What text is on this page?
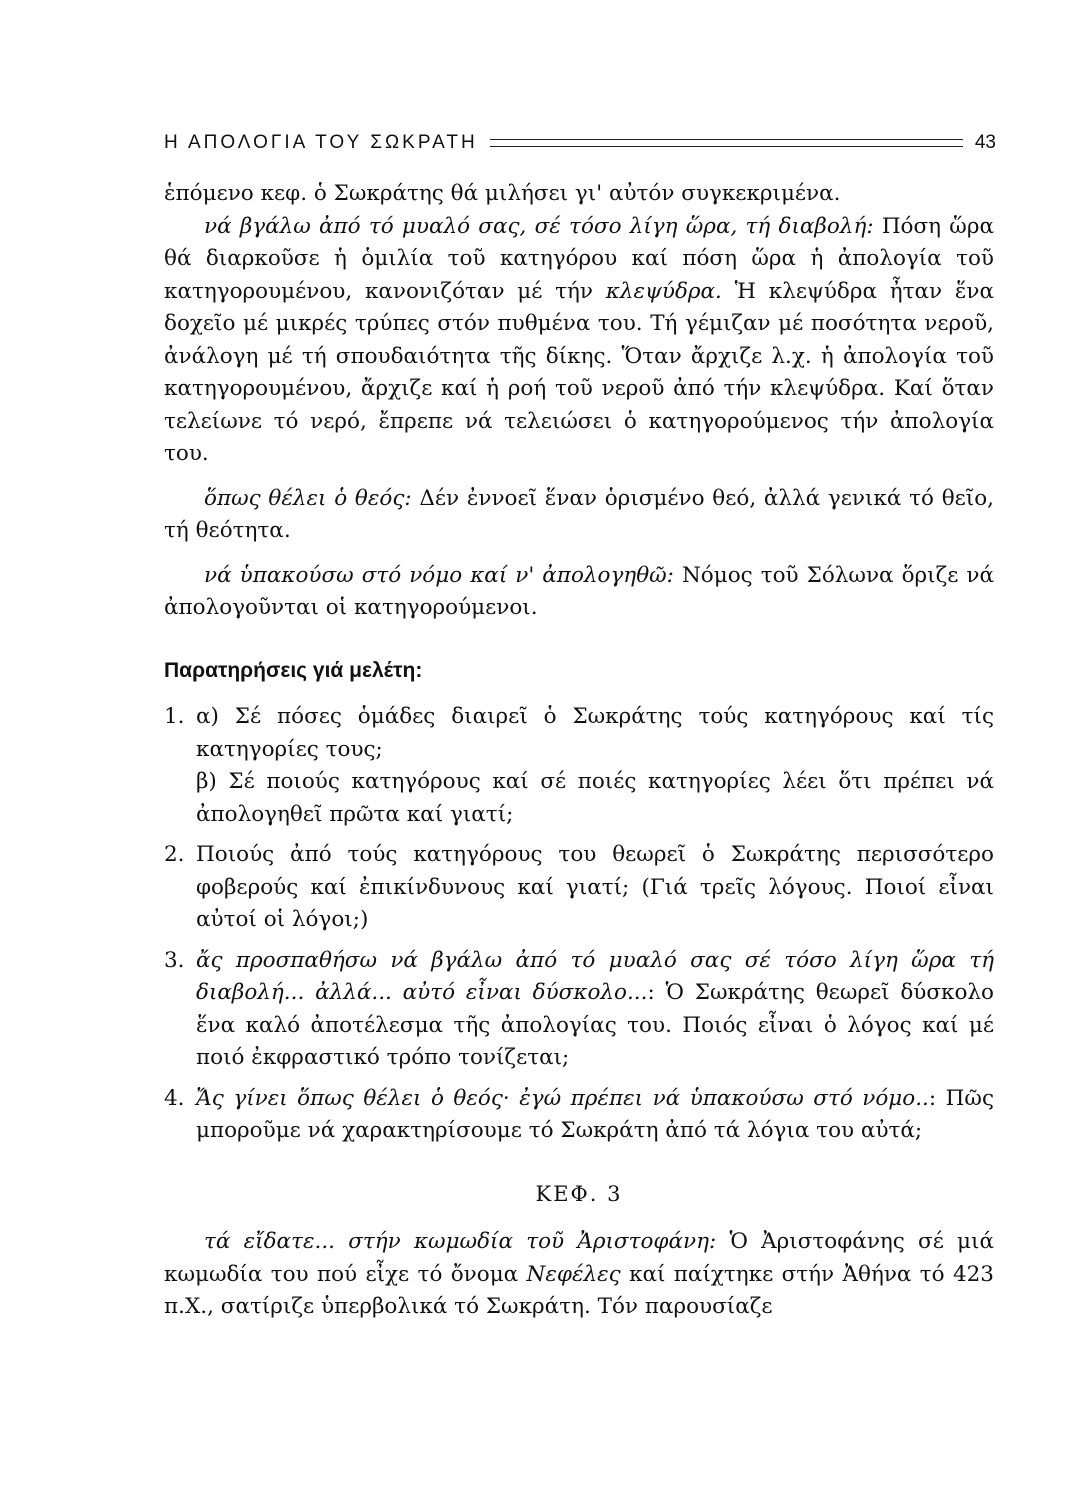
Η ΑΠΟΛΟΓΙΑ ΤΟΥ ΣΩΚΡΑΤΗ	43

ἑπόμενο κεφ. ὁ Σωκράτης θά μιλήσει γι' αὐτόν συγκεκριμένα.

νά βγάλω ἀπό τό μυαλό σας, σέ τόσο λίγη ὥρα, τή διαβολή: Πόση ὥρα θά διαρκοῦσε ἡ ὁμιλία τοῦ κατηγόρου καί πόση ὥρα ἡ ἀπολογία τοῦ κατηγορουμένου, κανονιζόταν μέ τήν κλεψύδρα. Ἡ κλεψύδρα ἦταν ἕνα δοχεῖο μέ μικρές τρύπες στόν πυθμένα του. Τή γέμιζαν μέ ποσότητα νεροῦ, ἀνάλογη μέ τή σπουδαιότητα τῆς δίκης. Ὅταν ἄρχιζε λ.χ. ἡ ἀπολογία τοῦ κατηγορουμένου, ἄρχιζε καί ἡ ροή τοῦ νεροῦ ἀπό τήν κλεψύδρα. Καί ὅταν τελείωνε τό νερό, ἔπρεπε νά τελειώσει ὁ κατηγορούμενος τήν ἀπολογία του.

ὅπως θέλει ὁ θεός: Δέν ἐννοεῖ ἕναν ὁρισμένο θεό, ἀλλά γενικά τό θεῖο, τή θεότητα.

νά ὑπακούσω στό νόμο καί ν' ἀπολογηθῶ: Νόμος τοῦ Σόλωνα ὅριζε νά ἀπολογοῦνται οἱ κατηγορούμενοι.

Παρατηρήσεις γιά μελέτη:
1. α) Σέ πόσες ὁμάδες διαιρεῖ ὁ Σωκράτης τούς κατηγόρους καί τίς κατηγορίες τους;
β) Σέ ποιούς κατηγόρους καί σέ ποιές κατηγορίες λέει ὅτι πρέπει νά ἀπολογηθεῖ πρῶτα καί γιατί;
2. Ποιούς ἀπό τούς κατηγόρους του θεωρεῖ ὁ Σωκράτης περισσότερο φοβερούς καί ἐπικίνδυνους καί γιατί; (Γιά τρεῖς λόγους. Ποιοί εἶναι αὐτοί οἱ λόγοι;)
3. ἄς προσπαθήσω νά βγάλω ἀπό τό μυαλό σας σέ τόσο λίγη ὥρα τή διαβολή... ἀλλά... αὐτό εἶναι δύσκολο...: Ὁ Σωκράτης θεωρεῖ δύσκολο ἕνα καλό ἀποτέλεσμα τῆς ἀπολογίας του. Ποιός εἶναι ὁ λόγος καί μέ ποιό ἐκφραστικό τρόπο τονίζεται;
4. Ἄς γίνει ὅπως θέλει ὁ θεός· ἐγώ πρέπει νά ὑπακούσω στό νόμο..: Πῶς μποροῦμε νά χαρακτηρίσουμε τό Σωκράτη ἀπό τά λόγια του αὐτά;
ΚΕΦ. 3

τά εἴδατε... στήν κωμωδία τοῦ Ἀριστοφάνη: Ὁ Ἀριστοφάνης σέ μιά κωμωδία του πού εἶχε τό ὄνομα Νεφέλες καί παίχτηκε στήν Ἀθήνα τό 423 π.Χ., σατίριζε ὑπερβολικά τό Σωκράτη. Τόν παρουσίαζε
